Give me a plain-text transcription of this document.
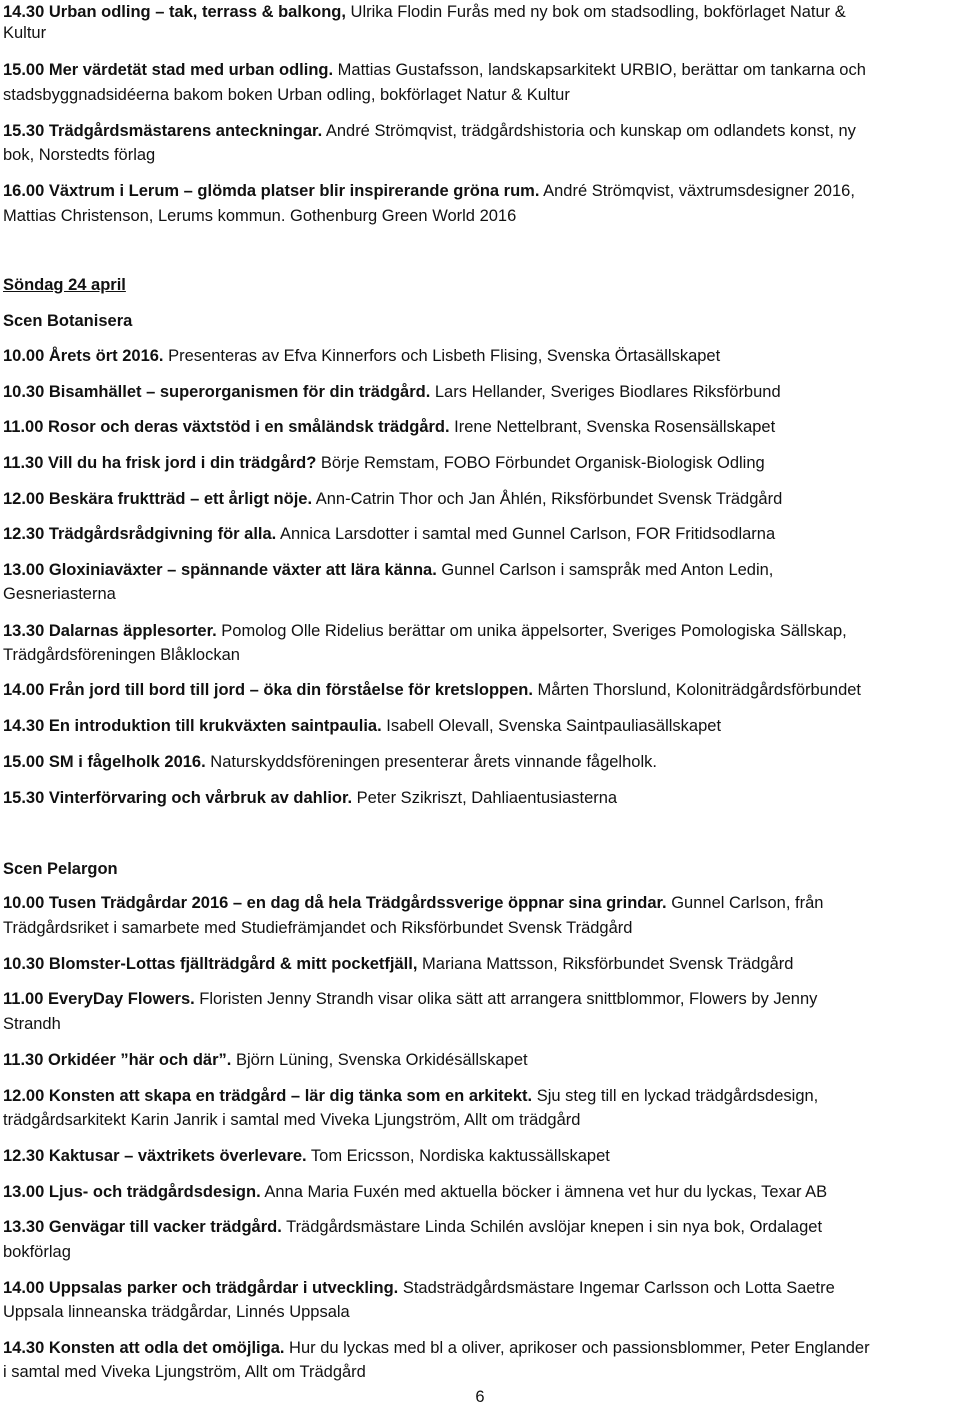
14.30 Urban odling – tak, terrass & balkong, Ulrika Flodin Furås med ny bok om stadsodling, bokförlaget Natur &
Kultur
15.00 Mer värdetät stad med urban odling. Mattias Gustafsson, landskapsarkitekt URBIO, berättar om tankarna och
stadsbyggnadsidéerna bakom boken Urban odling, bokförlaget Natur & Kultur
15.30 Trädgårdsmästarens anteckningar. André Strömqvist, trädgårdshistoria och kunskap om odlandets konst, ny
bok, Norstedts förlag
16.00 Växtrum i Lerum – glömda platser blir inspirerande gröna rum. André Strömqvist, växtrumsdesigner 2016,
Mattias Christenson, Lerums kommun. Gothenburg Green World 2016
Söndag 24 april
Scen Botanisera
10.00 Årets ört 2016. Presenteras av Efva Kinnerfors och Lisbeth Flising, Svenska Örtasällskapet
10.30 Bisamhället – superorganismen för din trädgård. Lars Hellander, Sveriges Biodlares Riksförbund
11.00 Rosor och deras växtstöd i en småländsk trädgård. Irene Nettelbrant, Svenska Rosensällskapet
11.30 Vill du ha frisk jord i din trädgård? Börje Remstam, FOBO Förbundet Organisk-Biologisk Odling
12.00 Beskära fruktträd – ett årligt nöje. Ann-Catrin Thor och Jan Åhlén, Riksförbundet Svensk Trädgård
12.30 Trädgårdsrådgivning för alla. Annica Larsdotter i samtal med Gunnel Carlson, FOR Fritidsodlarna
13.00 Gloxiniaväxter – spännande växter att lära känna. Gunnel Carlson i samspråk med Anton Ledin,
Gesneriasterna
13.30 Dalarnas äpplesorter. Pomolog Olle Ridelius berättar om unika äppelsorter, Sveriges Pomologiska Sällskap,
Trädgårdsföreningen Blåklockan
14.00 Från jord till bord till jord – öka din förståelse för kretsloppen. Mårten Thorslund, Koloniträdgårdsförbundet
14.30 En introduktion till krukväxten saintpaulia. Isabell Olevall, Svenska Saintpauliasällskapet
15.00 SM i fågelholk 2016. Naturskyddsföreningen presenterar årets vinnande fågelholk.
15.30 Vinterförvaring och vårbruk av dahlior. Peter Szikriszt, Dahliaentusiasterna
Scen Pelargon
10.00 Tusen Trädgårdar 2016 – en dag då hela Trädgårdssverige öppnar sina grindar. Gunnel Carlson, från
Trädgårdsriket i samarbete med Studiefrämjandet och Riksförbundet Svensk Trädgård
10.30 Blomster-Lottas fjällträdgård & mitt pocketfjäll, Mariana Mattsson, Riksförbundet Svensk Trädgård
11.00 EveryDay Flowers. Floristen Jenny Strandh visar olika sätt att arrangera snittblommor, Flowers by Jenny
Strandh
11.30 Orkidéer ”här och där”. Björn Lüning, Svenska Orkidésällskapet
12.00 Konsten att skapa en trädgård – lär dig tänka som en arkitekt. Sju steg till en lyckad trädgårdsdesign,
trädgårdsarkitekt Karin Janrik i samtal med Viveka Ljungström, Allt om trädgård
12.30 Kaktusar – växtrikets överlevare. Tom Ericsson, Nordiska kaktussällskapet
13.00 Ljus- och trädgårdsdesign. Anna Maria Fuxén med aktuella böcker i ämnena vet hur du lyckas, Texar AB
13.30 Genvägar till vacker trädgård. Trädgårdsmästare Linda Schilén avslöjar knepen i sin nya bok, Ordalaget
bokförlag
14.00 Uppsalas parker och trädgårdar i utveckling. Stadsträdgårdsmästare Ingemar Carlsson och Lotta Saetre
Uppsala linneanska trädgårdar, Linnés Uppsala
14.30 Konsten att odla det omöjliga. Hur du lyckas med bl a oliver, aprikoser och passionsblommer, Peter Englander
i samtal med Viveka Ljungström, Allt om Trädgård
6
